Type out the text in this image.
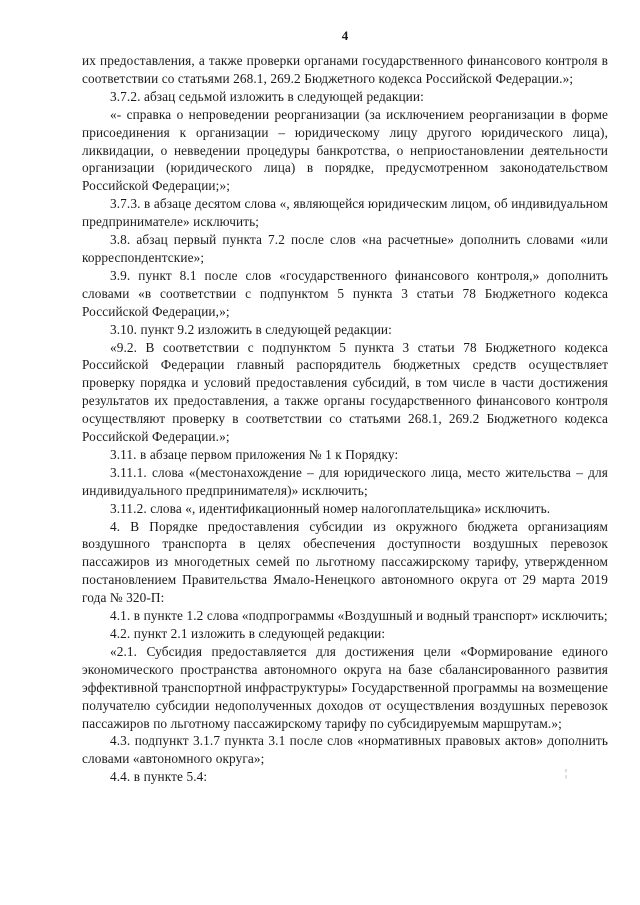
4

их предоставления, а также проверки органами государственного финансового контроля в соответствии со статьями 268.1, 269.2 Бюджетного кодекса Российской Федерации.»;

3.7.2. абзац седьмой изложить в следующей редакции:

«- справка о непроведении реорганизации (за исключением реорганизации в форме присоединения к организации – юридическому лицу другого юридического лица), ликвидации, о невведении процедуры банкротства, о неприостановлении деятельности организации (юридического лица) в порядке, предусмотренном законодательством Российской Федерации;»;

3.7.3. в абзаце десятом слова «, являющейся юридическим лицом, об индивидуальном предпринимателе» исключить;

3.8. абзац первый пункта 7.2 после слов «на расчетные» дополнить словами «или корреспондентские»;

3.9. пункт 8.1 после слов «государственного финансового контроля,» дополнить словами «в соответствии с подпунктом 5 пункта 3 статьи 78 Бюджетного кодекса Российской Федерации,»;

3.10. пункт 9.2 изложить в следующей редакции:

«9.2. В соответствии с подпунктом 5 пункта 3 статьи 78 Бюджетного кодекса Российской Федерации главный распорядитель бюджетных средств осуществляет проверку порядка и условий предоставления субсидий, в том числе в части достижения результатов их предоставления, а также органы государственного финансового контроля осуществляют проверку в соответствии со статьями 268.1, 269.2 Бюджетного кодекса Российской Федерации.»;

3.11. в абзаце первом приложения № 1 к Порядку:

3.11.1. слова «(местонахождение – для юридического лица, место жительства – для индивидуального предпринимателя)» исключить;

3.11.2. слова «, идентификационный номер налогоплательщика» исключить.

4. В Порядке предоставления субсидии из окружного бюджета организациям воздушного транспорта в целях обеспечения доступности воздушных перевозок пассажиров из многодетных семей по льготному пассажирскому тарифу, утвержденном постановлением Правительства Ямало-Ненецкого автономного округа от 29 марта 2019 года № 320-П:

4.1. в пункте 1.2 слова «подпрограммы «Воздушный и водный транспорт» исключить;

4.2. пункт 2.1 изложить в следующей редакции:

«2.1. Субсидия предоставляется для достижения цели «Формирование единого экономического пространства автономного округа на базе сбалансированного развития эффективной транспортной инфраструктуры» Государственной программы на возмещение получателю субсидии недополученных доходов от осуществления воздушных перевозок пассажиров по льготному пассажирскому тарифу по субсидируемым маршрутам.»;

4.3. подпункт 3.1.7 пункта 3.1 после слов «нормативных правовых актов» дополнить словами «автономного округа»;

4.4. в пункте 5.4:	¦
